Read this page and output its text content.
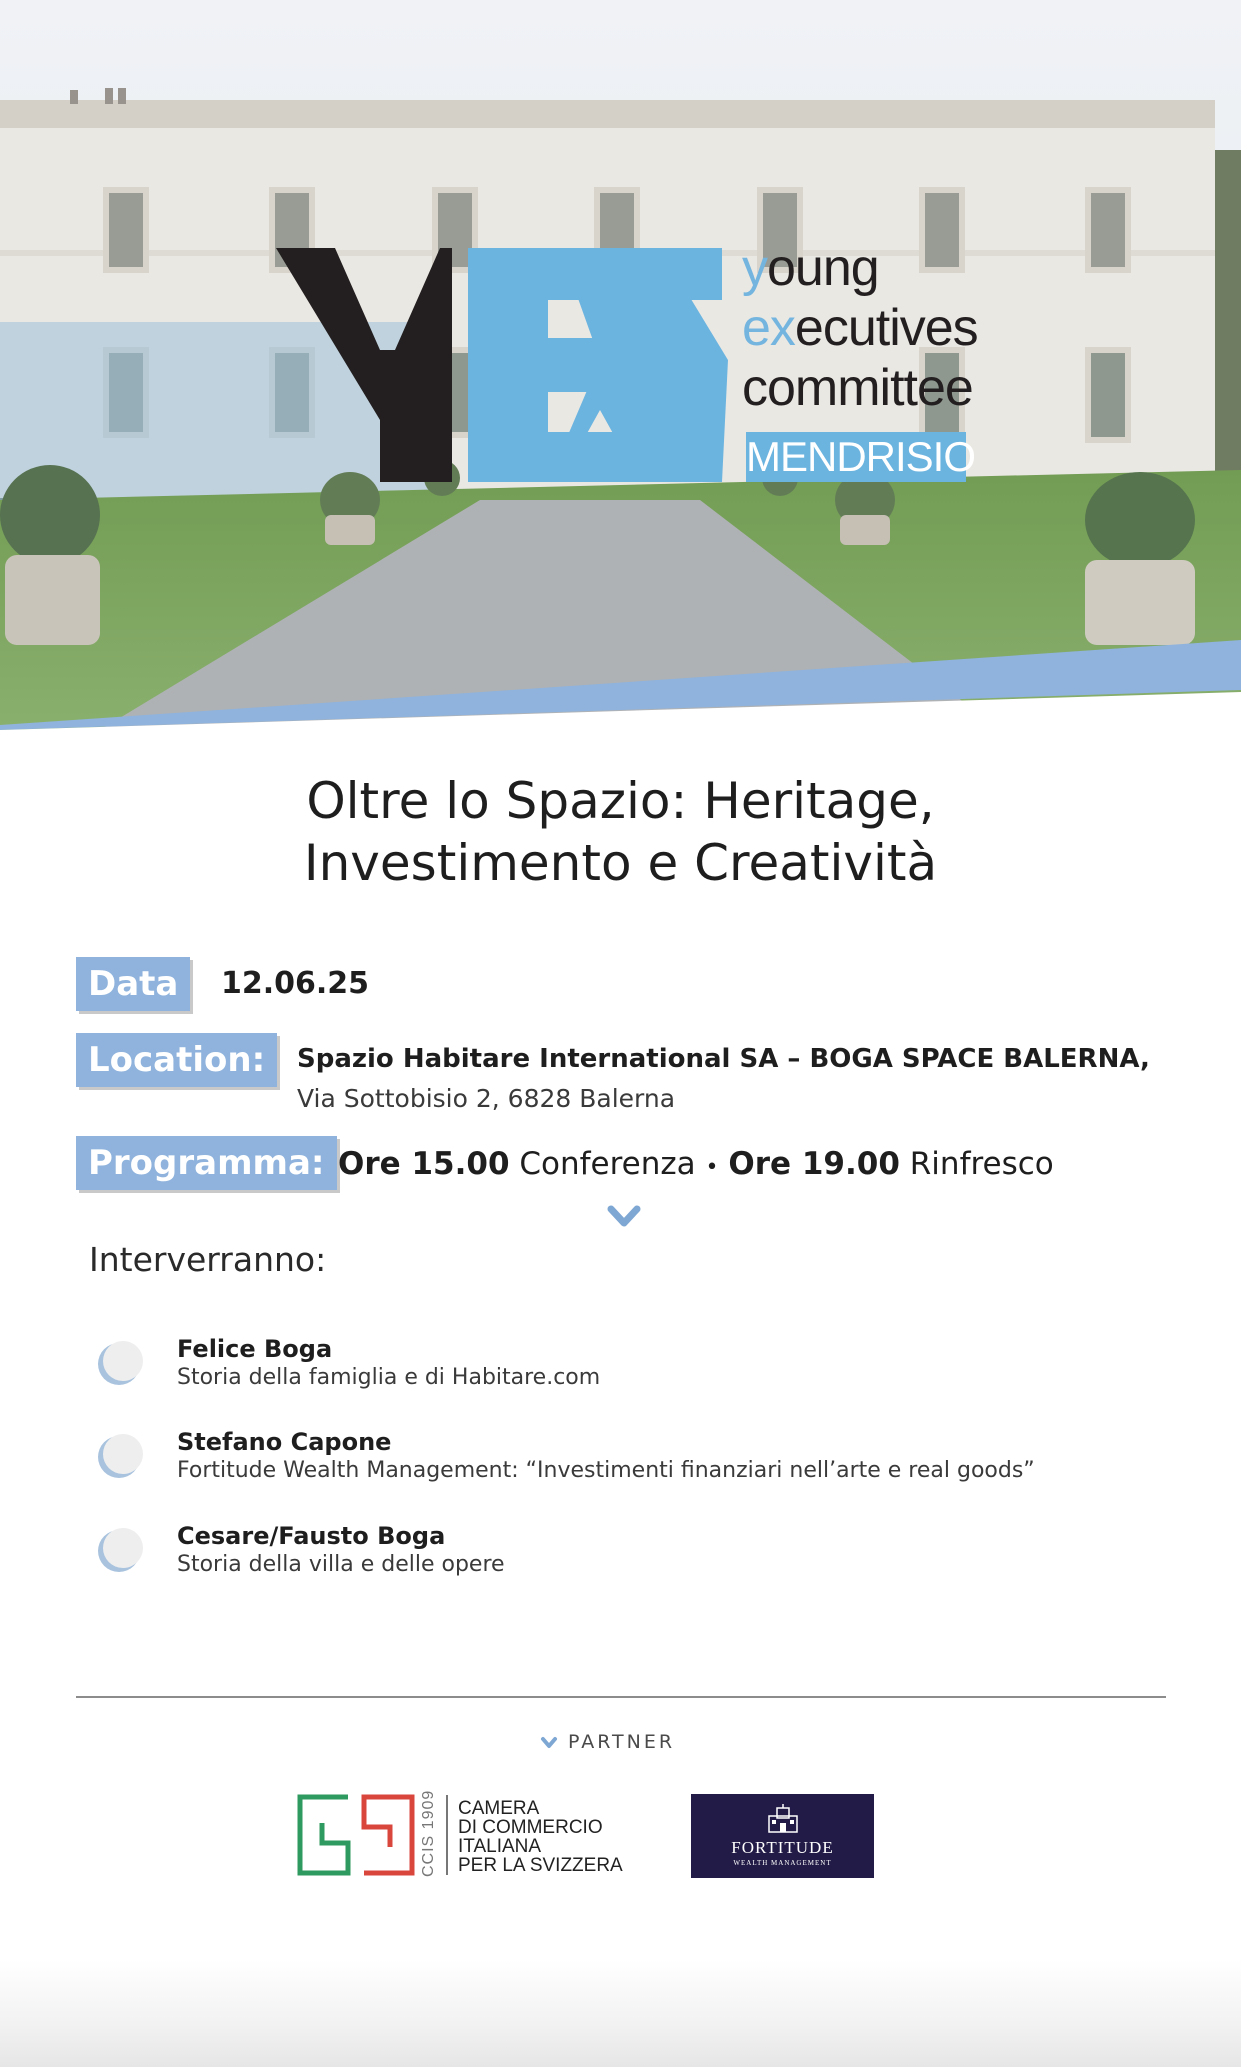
young
executives
committee
MENDRISIO
Oltre lo Spazio: Heritage,
Investimento e Creatività
Data	12.06.25
Location:	Spazio Habitare International SA – BOGA SPACE BALERNA,
Via Sottobisio 2, 6828 Balerna
Programma: Ore 15.00 Conferenza • Ore 19.00 Rinfresco
Interverranno:
Felice Boga
Storia della famiglia e di Habitare.com
Stefano Capone
Fortitude Wealth Management: “Investimenti finanziari nell’arte e real goods”
Cesare/Fausto Boga
Storia della villa e delle opere
PARTNER
CCIS 1909 CAMERA
DI COMMERCIO
ITALIANA
PER LA SVIZZERA
FORTITUDE
WEALTH MANAGEMENT
